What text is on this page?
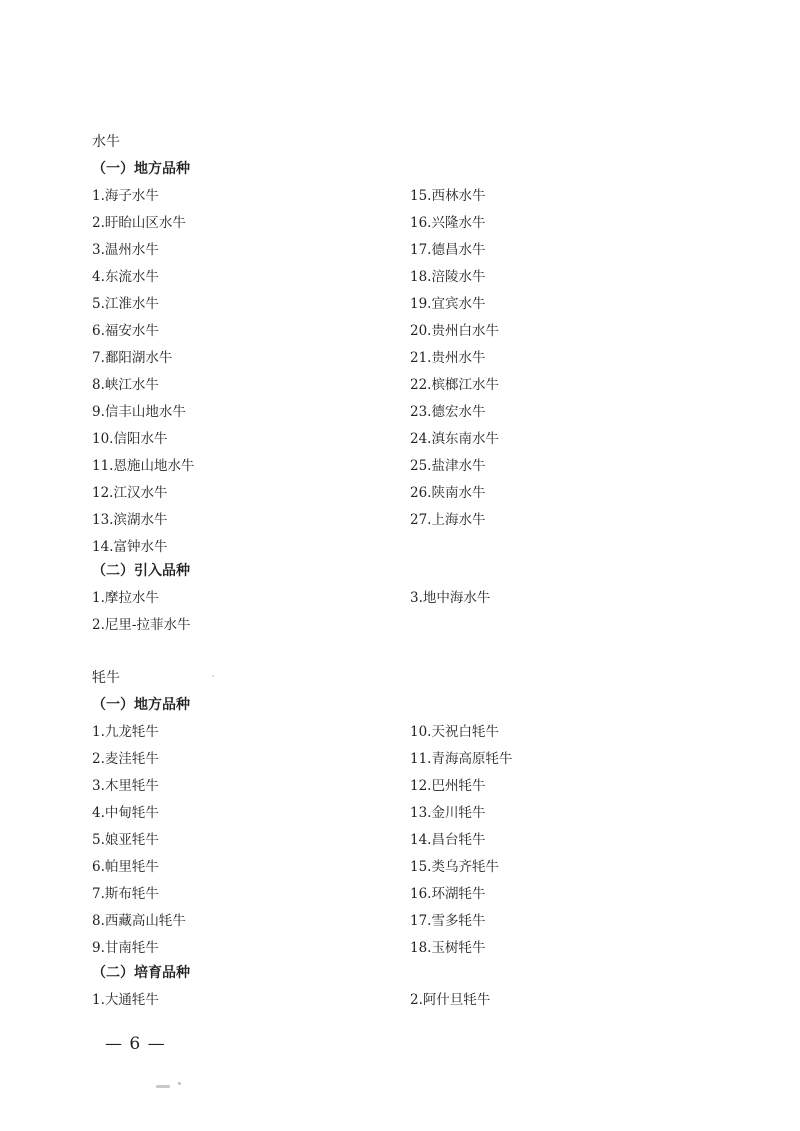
水牛
（一）地方品种
1.海子水牛
2.盱眙山区水牛
3.温州水牛
4.东流水牛
5.江淮水牛
6.福安水牛
7.鄱阳湖水牛
8.峡江水牛
9.信丰山地水牛
10.信阳水牛
11.恩施山地水牛
12.江汉水牛
13.滨湖水牛
14.富钟水牛
15.西林水牛
16.兴隆水牛
17.德昌水牛
18.涪陵水牛
19.宜宾水牛
20.贵州白水牛
21.贵州水牛
22.槟榔江水牛
23.德宏水牛
24.滇东南水牛
25.盐津水牛
26.陕南水牛
27.上海水牛
（二）引入品种
1.摩拉水牛
2.尼里-拉菲水牛
3.地中海水牛
牦牛
（一）地方品种
1.九龙牦牛
2.麦洼牦牛
3.木里牦牛
4.中甸牦牛
5.娘亚牦牛
6.帕里牦牛
7.斯布牦牛
8.西藏高山牦牛
9.甘南牦牛
10.天祝白牦牛
11.青海高原牦牛
12.巴州牦牛
13.金川牦牛
14.昌台牦牛
15.类乌齐牦牛
16.环湖牦牛
17.雪多牦牛
18.玉树牦牛
（二）培育品种
1.大通牦牛	2.阿什旦牦牛
— 6 —
